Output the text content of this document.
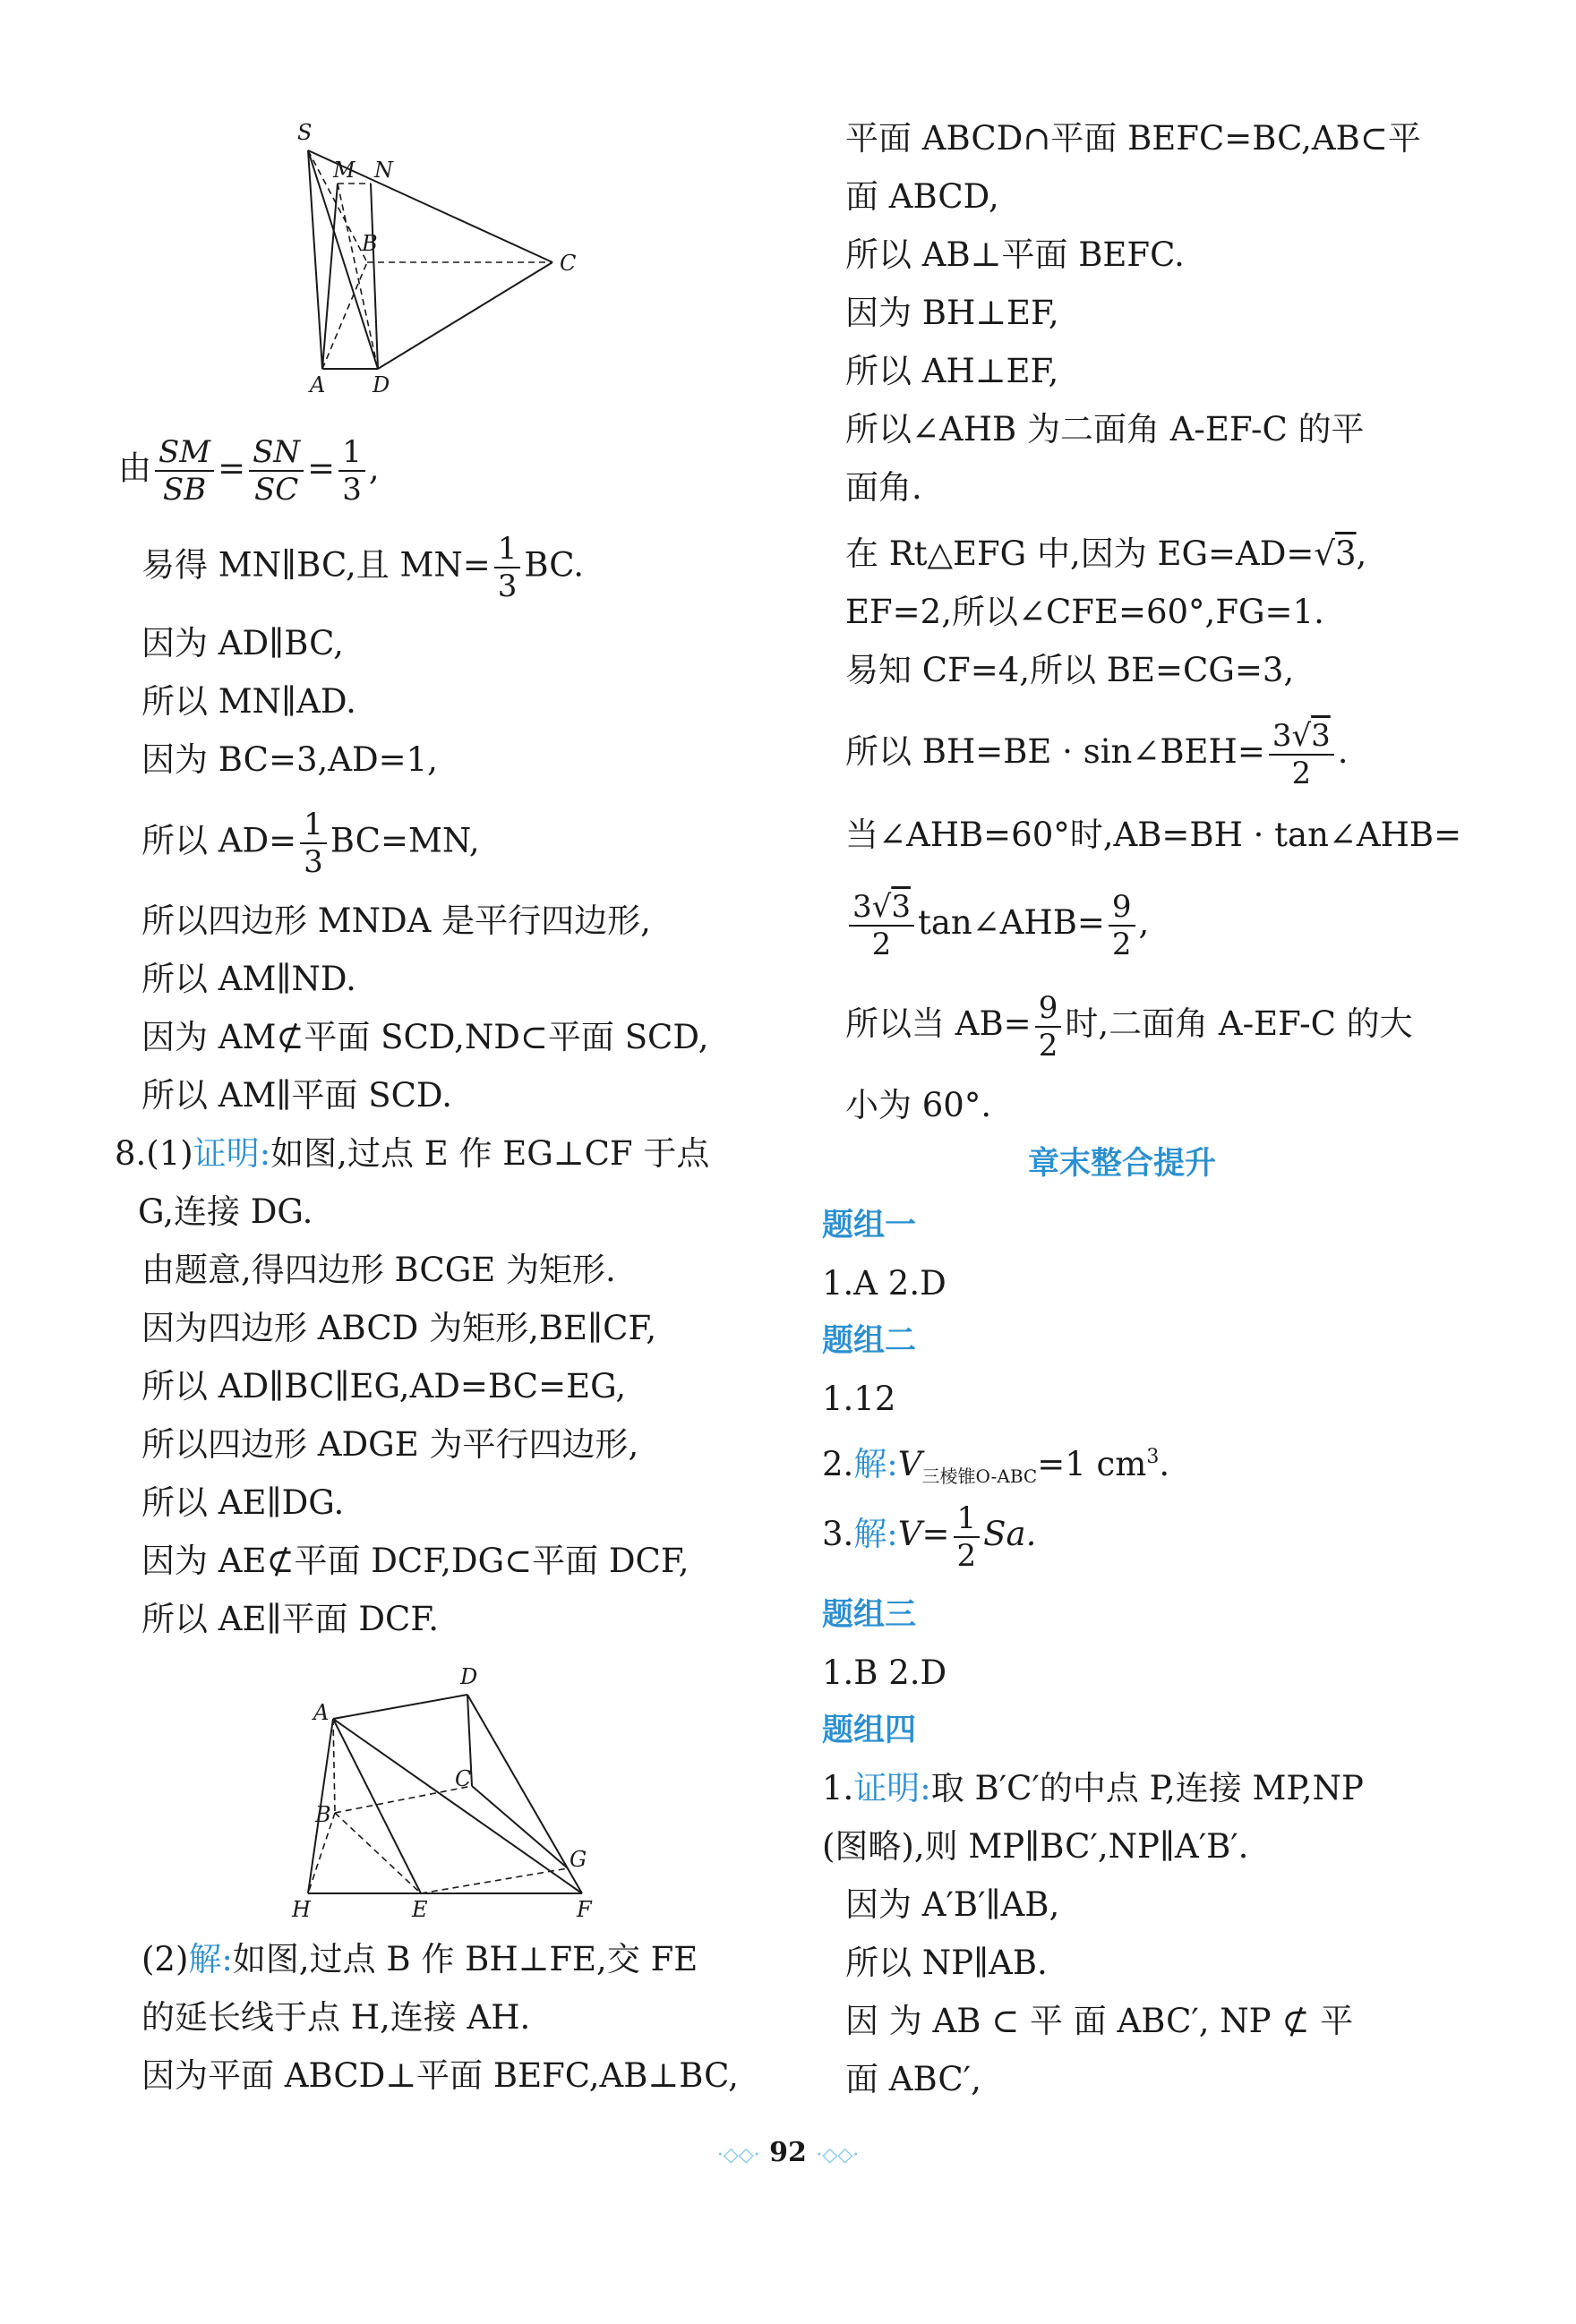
S
M N
B
C
A D
由 $\frac{SM}{SB} = \frac{SN}{SC} = \frac{1}{3}$ ,
易得 MN∥BC,且 $MN= \frac{1}{3}$ BC.
因为 AD∥BC,
所以 MN∥AD.
因为 BC=3,AD=1,
所以 $AD= \frac{1}{3} BC=MN$,
所以四边形 MNDA 是平行四边形,
所以 AM∥ND.
因为 AM⊄平面 SCD,ND⊂平面 SCD,
所以 AM∥平面 SCD.
8.(1)证明:如图,过点 E 作 EG⊥CF 于点
G,连接 DG.
由题意,得四边形 BCGE 为矩形.
因为四边形 ABCD 为矩形,BE∥CF,
所以 AD∥BC∥EG,AD=BC=EG,
所以四边形 ADGE 为平行四边形,
所以 AE∥DG.
因为 AE⊄平面 DCF,DG⊂平面 DCF,
所以 AE∥平面 DCF.
D
A
C
B
G
H	E	F
(2)解:如图,过点 B 作 BH⊥FE,交 FE
的延长线于点 H,连接 AH.
因为平面 ABCD⊥平面 BEFC,AB⊥BC,
平面 ABCD∩平面 BEFC=BC,AB⊂平
面 ABCD,
所以 AB⊥平面 BEFC.
因为 BH⊥EF,
所以 AH⊥EF,
所以∠AHB 为二面角 A-EF-C 的平
面角.
在 Rt△EFG 中,因为 EG=AD=√3,
EF=2,所以∠CFE=60°,FG=1.
易知 CF=4,所以 BE=CG=3,
所以 BH=BE · sin∠BEH= $\frac{3√3}{2}$ .
当∠AHB=60°时,AB=BH · tan∠AHB=
$\frac{3√3}{2}$ tan∠AHB= $\frac{9}{2}$ ,
所以当 $AB= \frac{9}{2}$ 时,二面角 A-EF-C 的大
小为 60°.
章末整合提升
题组一
1.A 2.D
题组二
1.12
2.解$:V_{三棱锥O-ABC}=1$ $cm^3$.
3.解:V= $\frac{1}{2} Sa$.
题组三
1.B 2.D
题组四
1.证明:取 B′C′的中点 P,连接 MP,NP
(图略),则 MP∥BC′,NP∥A′B′.
因为 A′B′∥AB,
所以 NP∥AB.
因 为 AB ⊂ 平 面 ABC′, NP ⊄ 平
面 ABC′,
·◇◇· 92 ·◇◇·
